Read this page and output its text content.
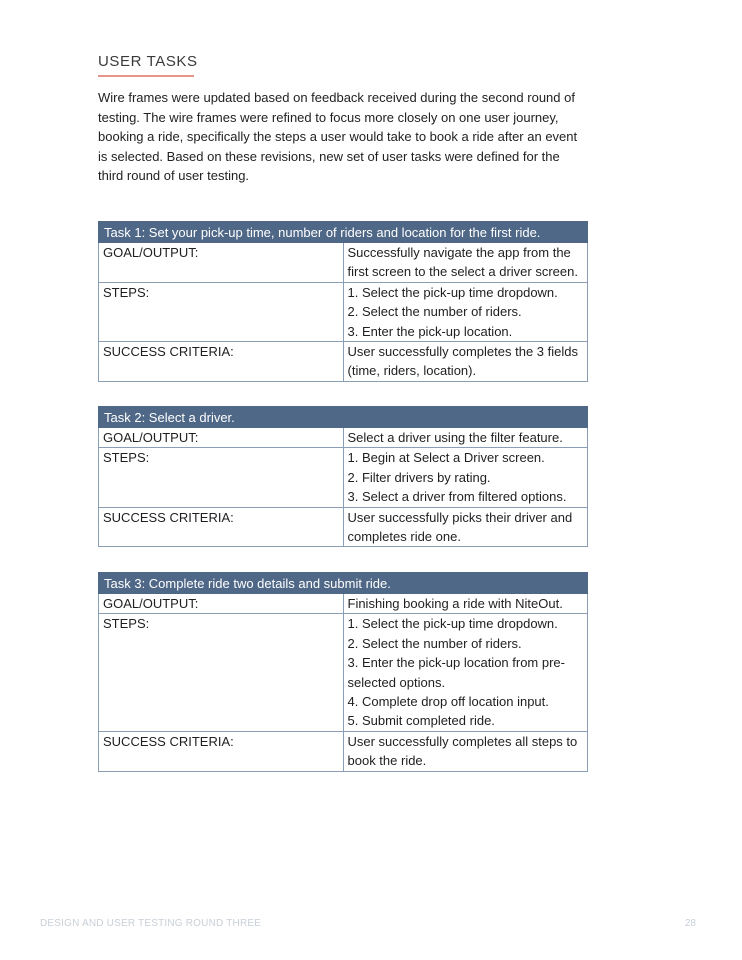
USER TASKS

Wire frames were updated based on feedback received during the second round of testing. The wire frames were refined to focus more closely on one user journey, booking a ride, specifically the steps a user would take to book a ride after an event is selected. Based on these revisions, new set of user tasks were defined for the third round of user testing.

Task 1: Set your pick-up time, number of riders and location for the first ride.	
GOAL/OUTPUT:	Successfully navigate the app from the first screen to the select a driver screen.
STEPS:	1. Select the pick-up time dropdown.
2. Select the number of riders.
3. Enter the pick-up location.

SUCCESS CRITERIA:	User successfully completes the 3 fields
(time, riders, location).
Task 2: Select a driver.	
GOAL/OUTPUT:	Select a driver using the filter feature.
STEPS:	1. Begin at Select a Driver screen.
2. Filter drivers by rating.
3. Select a driver from filtered options.

SUCCESS CRITERIA:	User successfully picks their driver and completes ride one.
Task 3: Complete ride two details and submit ride.	
GOAL/OUTPUT:	Finishing booking a ride with NiteOut.
STEPS:	1. Select the pick-up time dropdown.
2. Select the number of riders.
3. Enter the pick-up location from pre-selected options.
4. Complete drop off location input.
5. Submit completed ride.

SUCCESS CRITERIA:	User successfully completes all steps to book the ride.
DESIGN AND USER TESTING ROUND THREE	28
